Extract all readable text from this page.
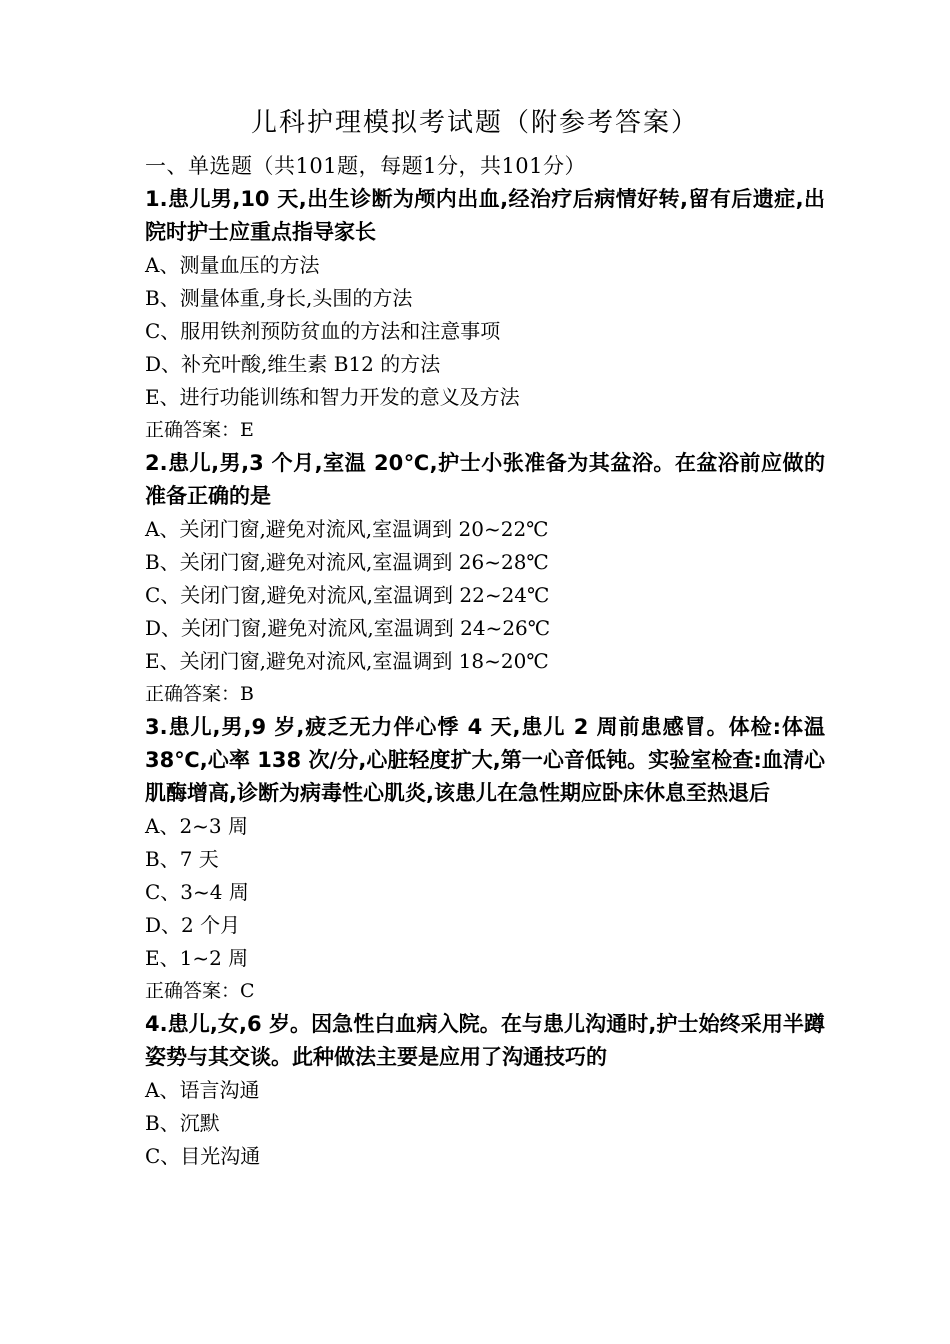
儿科护理模拟考试题（附参考答案）
一、单选题（共101题，每题1分，共101分）
1.患儿男,10 天,出生诊断为颅内出血,经治疗后病情好转,留有后遗症,出院时护士应重点指导家长
A、测量血压的方法
B、测量体重,身长,头围的方法
C、服用铁剂预防贫血的方法和注意事项
D、补充叶酸,维生素 B12 的方法
E、进行功能训练和智力开发的意义及方法
正确答案：E
2.患儿,男,3 个月,室温 20℃,护士小张准备为其盆浴。在盆浴前应做的准备正确的是
A、关闭门窗,避免对流风,室温调到 20~22℃
B、关闭门窗,避免对流风,室温调到 26~28℃
C、关闭门窗,避免对流风,室温调到 22~24℃
D、关闭门窗,避免对流风,室温调到 24~26℃
E、关闭门窗,避免对流风,室温调到 18~20℃
正确答案：B
3.患儿,男,9 岁,疲乏无力伴心悸 4 天,患儿 2 周前患感冒。体检:体温 38℃,心率 138 次/分,心脏轻度扩大,第一心音低钝。实验室检查:血清心肌酶增高,诊断为病毒性心肌炎,该患儿在急性期应卧床休息至热退后
A、2~3 周
B、7 天
C、3~4 周
D、2 个月
E、1~2 周
正确答案：C
4.患儿,女,6 岁。因急性白血病入院。在与患儿沟通时,护士始终采用半蹲姿势与其交谈。此种做法主要是应用了沟通技巧的
A、语言沟通
B、沉默
C、目光沟通
